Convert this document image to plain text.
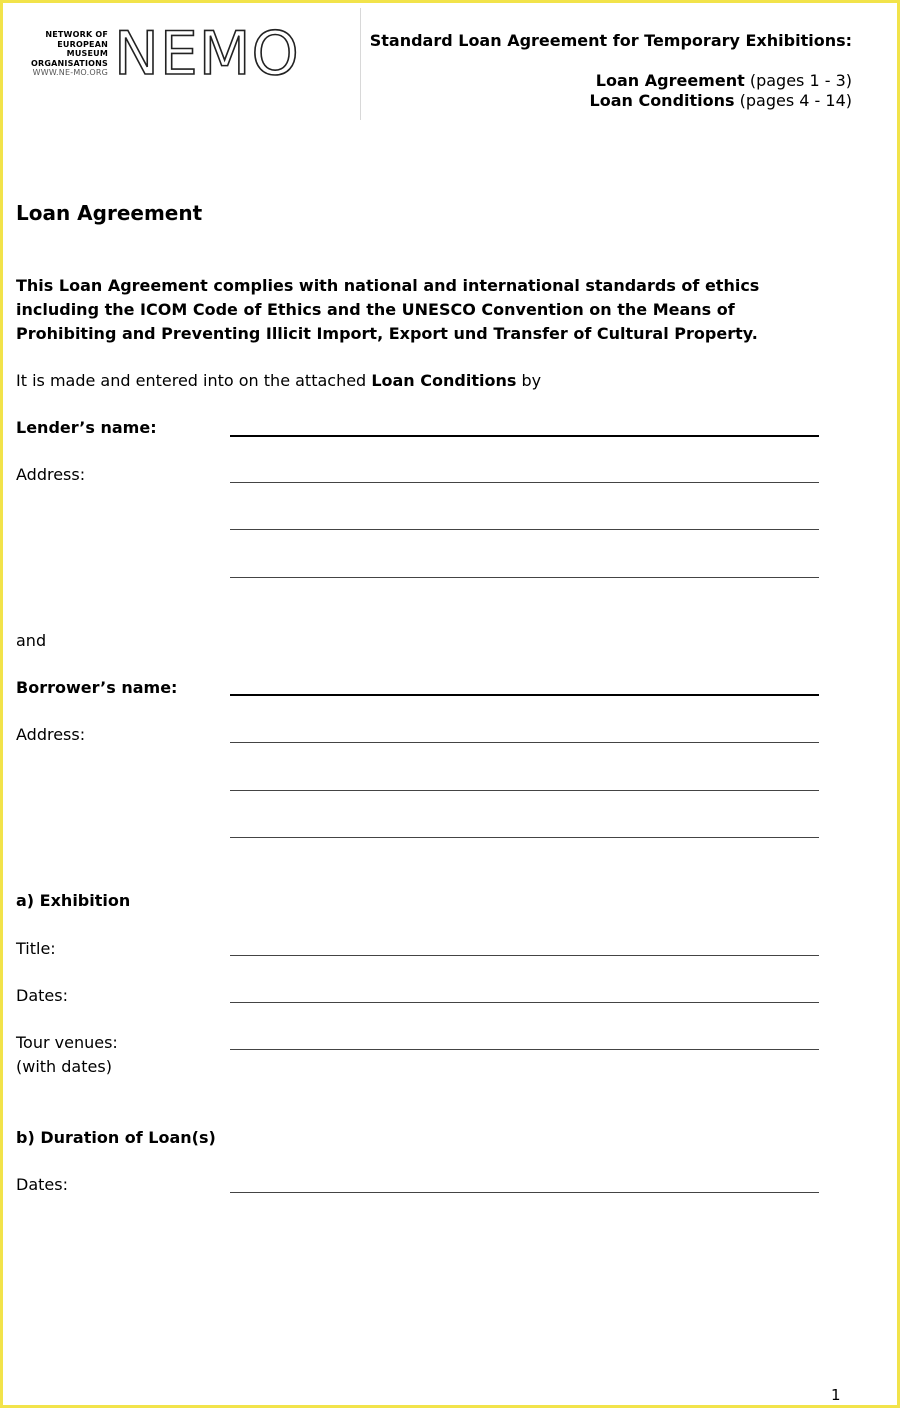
NETWORK OF
EUROPEAN
MUSEUM
ORGANISATIONS
WWW.NE-MO.ORG NEMO	Standard Loan Agreement for Temporary Exhibitions:
Loan Agreement (pages 1 - 3)
Loan Conditions (pages 4 - 14)
Loan Agreement
This Loan Agreement complies with national and international standards of ethics including the ICOM Code of Ethics and the UNESCO Convention on the Means of Prohibiting and Preventing Illicit Import, Export und Transfer of Cultural Property.
It is made and entered into on the attached Loan Conditions by
Lender’s name:
Address:
and
Borrower’s name:
Address:
a) Exhibition
Title:
Dates:
Tour venues:
(with dates)
b) Duration of Loan(s)
Dates:
1
